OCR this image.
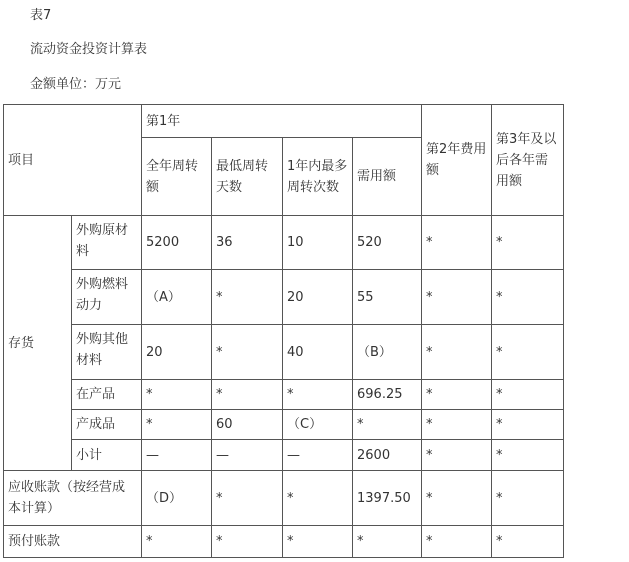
表7
流动资金投资计算表
金额单位：万元
项目		第1年				第2年费用额	第3年及以后各年需用额
		全年周转额	最低周转天数	1年内最多周转次数	需用额		
存货	外购原材料	5200	36	10	520	*	*
	外购燃料动力	（A）	*	20	55	*	*
	外购其他材料	20	*	40	（B）	*	*
	在产品	*	*	*	696.25	*	*
	产成品	*	60	（C）	*	*	*
	小计	—	—	—	2600	*	*
应收账款（按经营成本计算）		（D）	*	*	1397.50	*	*
预付账款		*	*	*	*	*	*
